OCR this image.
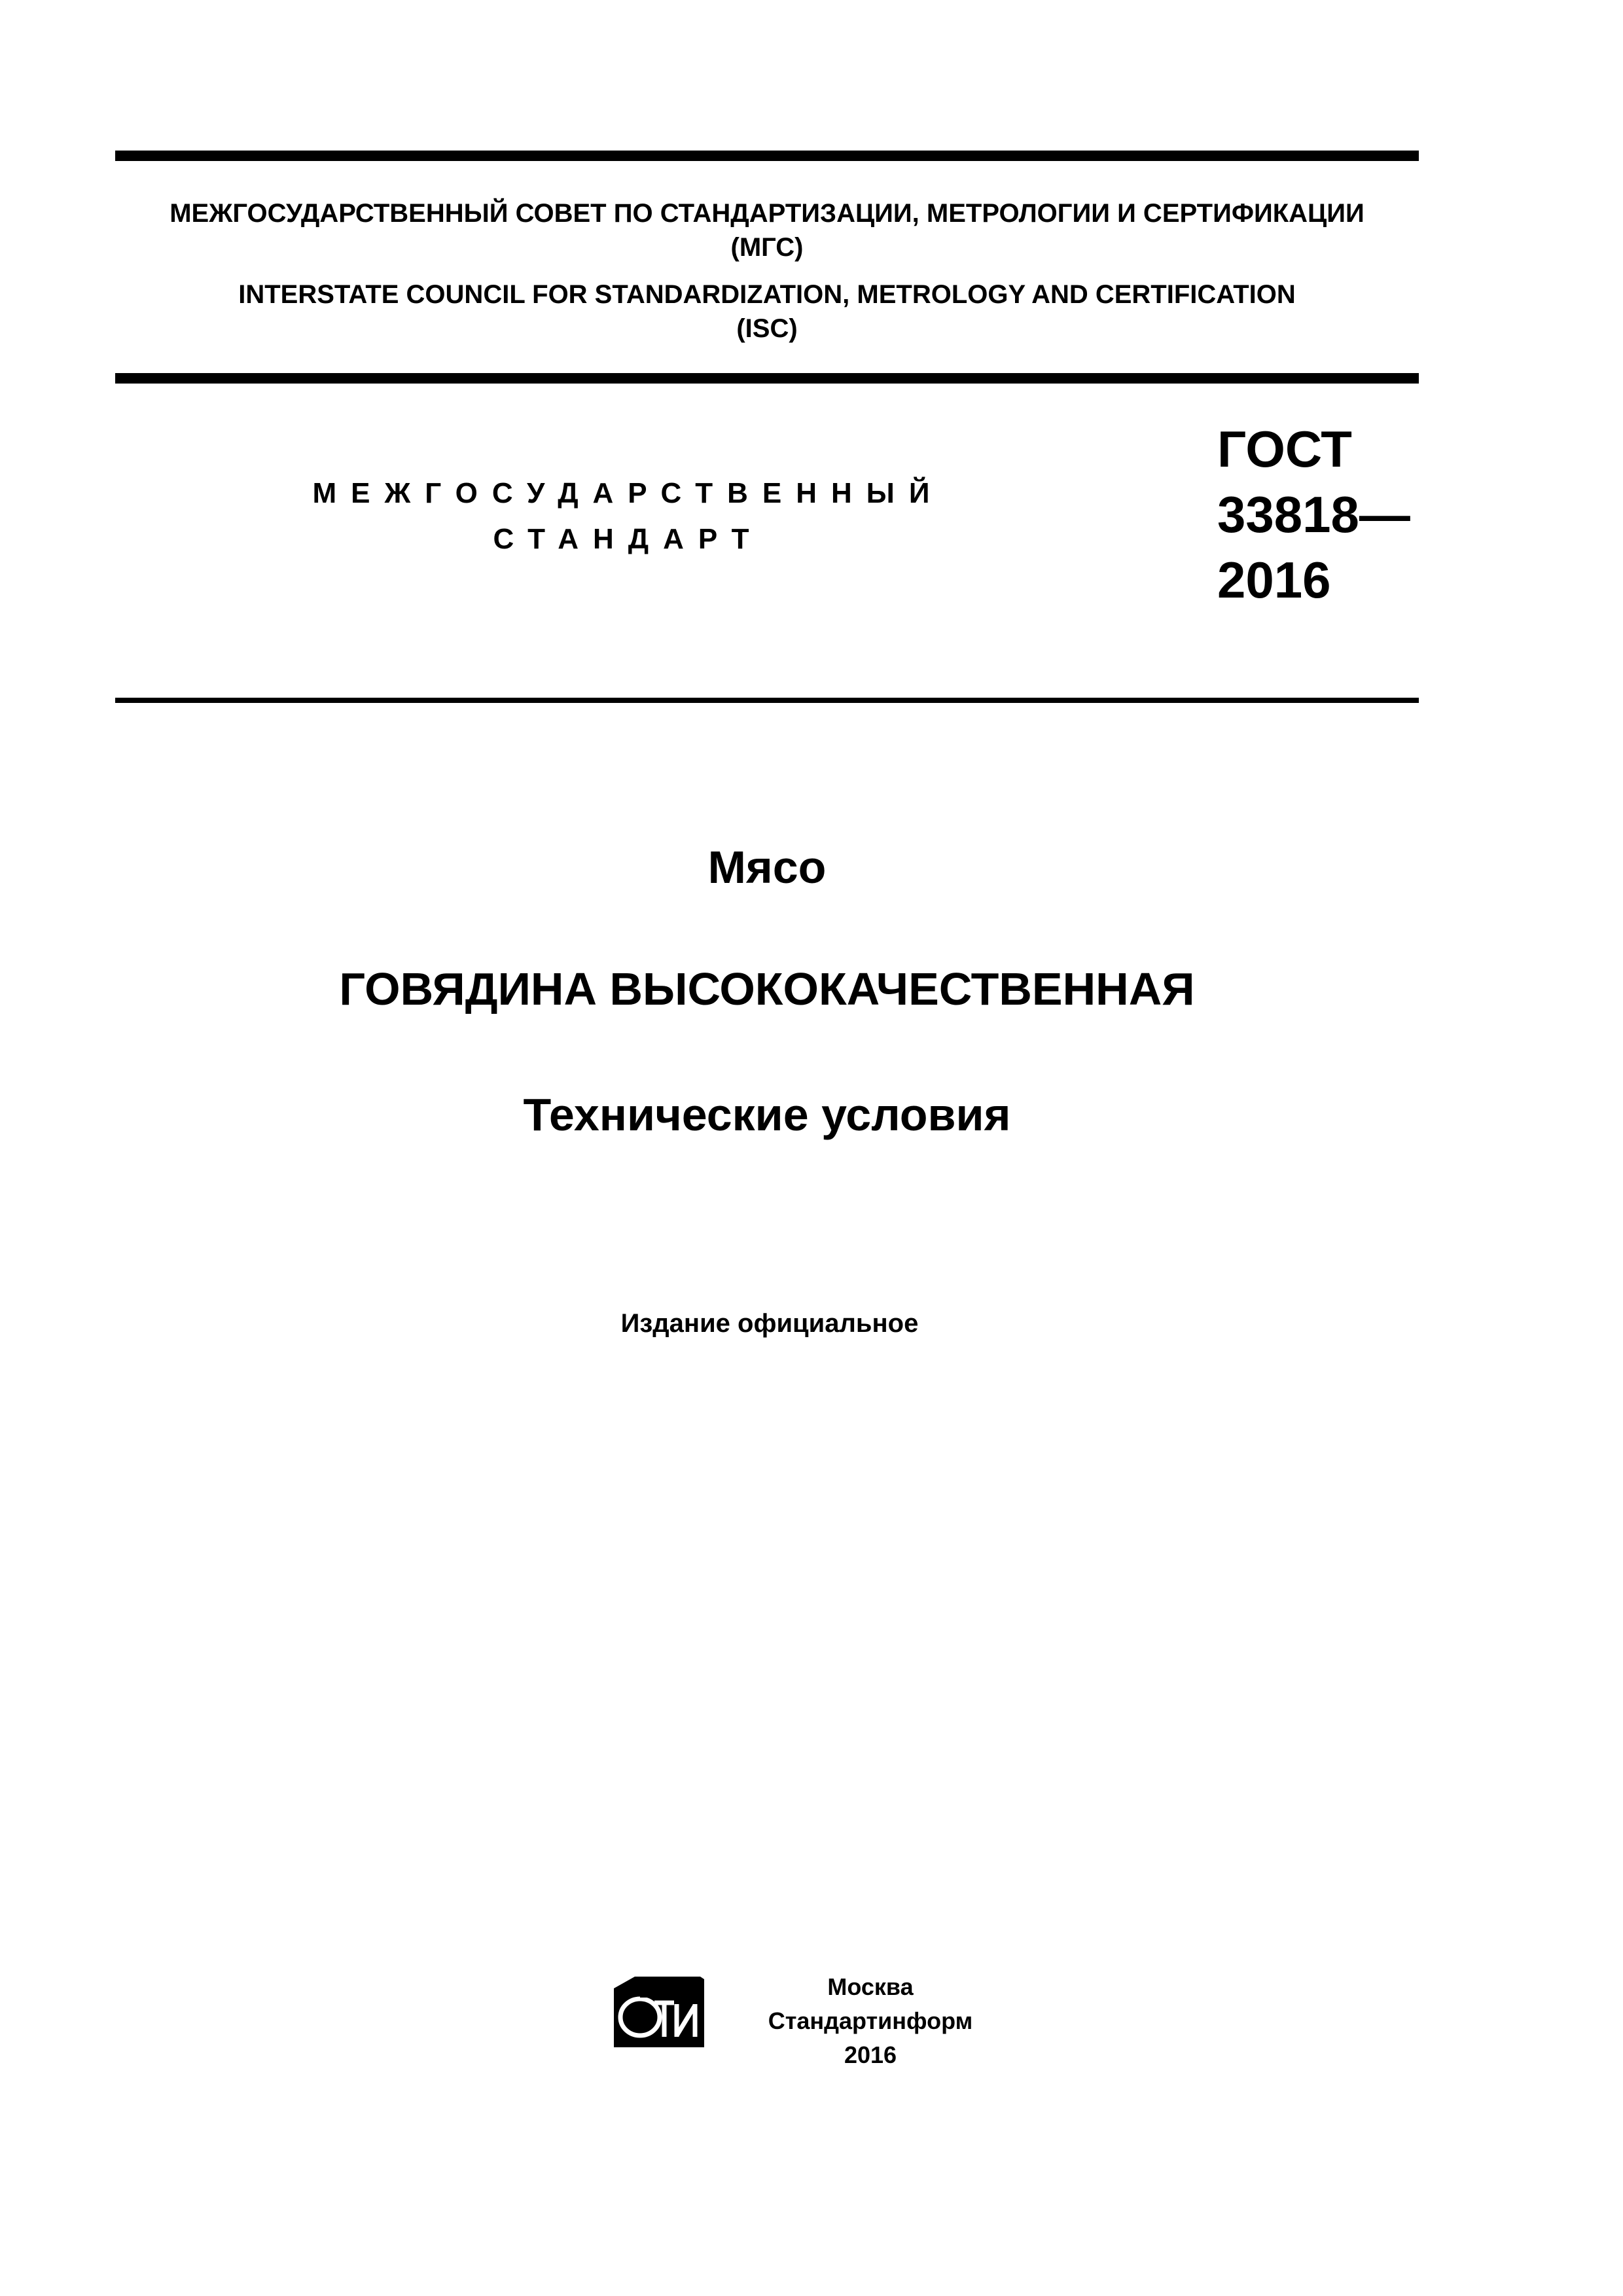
МЕЖГОСУДАРСТВЕННЫЙ СОВЕТ ПО СТАНДАРТИЗАЦИИ, МЕТРОЛОГИИ И СЕРТИФИКАЦИИ

(МГС)

INTERSTATE COUNCIL FOR STANDARDIZATION, METROLOGY AND CERTIFICATION

(ISC)

МЕЖГОСУДАРСТВЕННЫЙ
СТАНДАРТ
ГОСТ
33818—
2016
Мясо
ГОВЯДИНА ВЫСОКОКАЧЕСТВЕННАЯ
Технические условия
Издание официальное
Москва
Стандартинформ
2016
